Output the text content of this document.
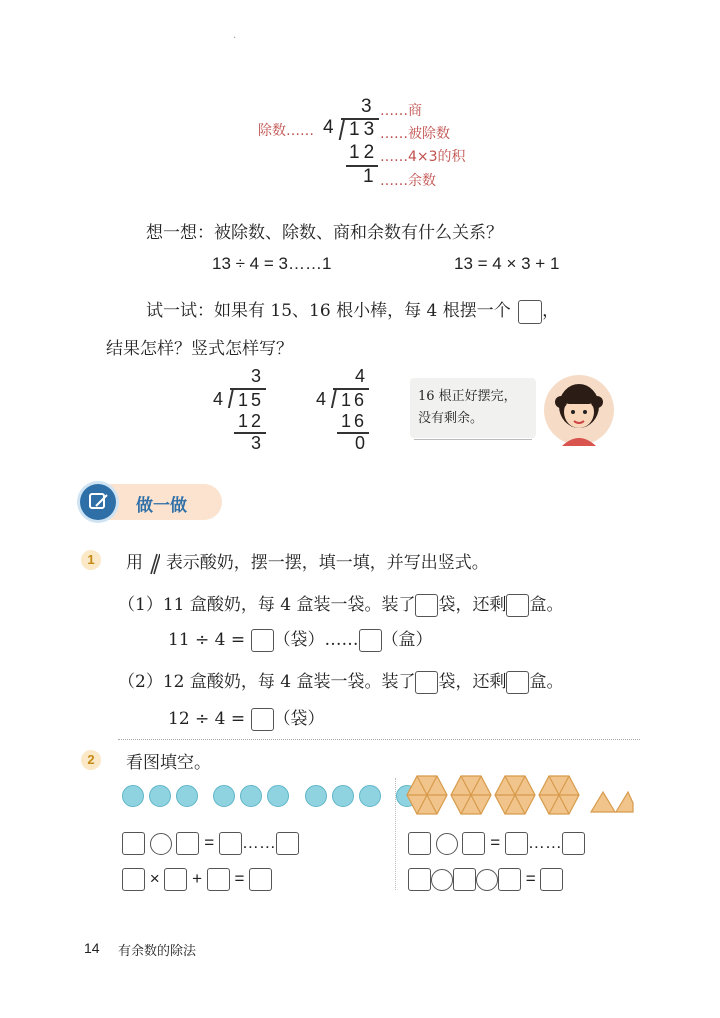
.
除数…… 4
3
13
12
1
……商
……被除数
……4×3的积
……余数
想一想：被除数、除数、商和余数有什么关系？
13 ÷ 4 = 3……1	13 = 4 × 3 + 1
试一试：如果有 15、16 根小棒，每 4 根摆一个 ，
结果怎样？竖式怎样写？
3
4 15
12
3
4
4 16
16
0
16 根正好摆完，
没有剩余。
做一做
1	用 表示酸奶，摆一摆，填一填，并写出竖式。
（1）11 盒酸奶，每 4 盒装一袋。装了 袋，还剩 盒。
11 ÷ 4 = （袋）…… （盒）
（2）12 盒酸奶，每 4 盒装一袋。装了 袋，还剩 盒。
12 ÷ 4 = （袋）
2	看图填空。

= ……
× + =
= ……
=
14 有余数的除法
